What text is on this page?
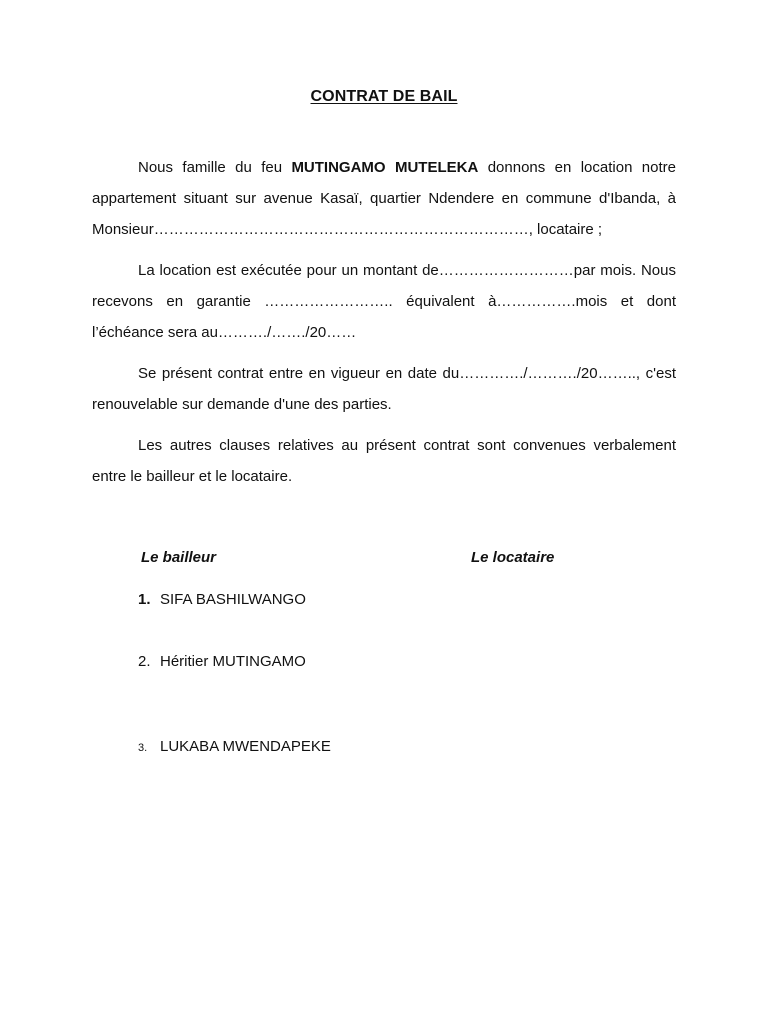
CONTRAT DE BAIL

Nous famille du feu MUTINGAMO MUTELEKA donnons en location notre appartement situant sur avenue Kasaï, quartier Ndendere en commune d'Ibanda, à Monsieur…………………………………………………………………, locataire ;

La location est exécutée pour un montant de………………………par mois. Nous recevons en garantie …………………….. équivalent à…………….mois et dont l’échéance sera au………./……./20……

Se présent contrat entre en vigueur en date du…………./………./20…….., c'est renouvelable sur demande d'une des parties.

Les autres clauses relatives au présent contrat sont convenues verbalement entre le bailleur et le locataire.

Le bailleur	Le locataire
1. SIFA BASHILWANGO
2. Héritier MUTINGAMO
3. LUKABA MWENDAPEKE
